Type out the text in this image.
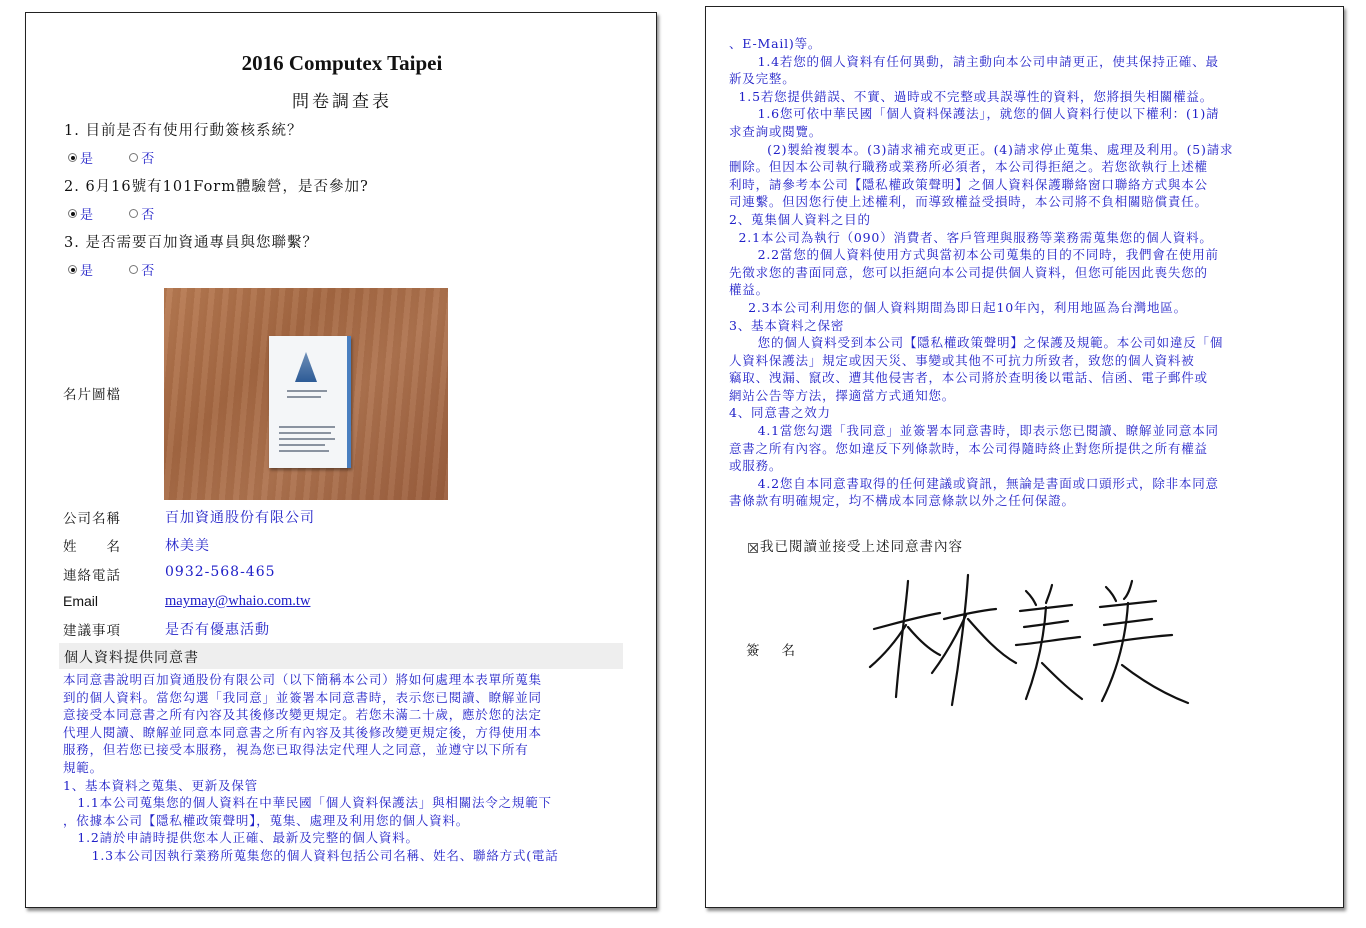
2016 Computex Taipei
問卷調查表
1. 目前是否有使用行動簽核系統？
是	否
2. 6月16號有101Form體驗營，是否參加?
是	否
3. 是否需要百加資通專員與您聯繫？
是	否
名片圖檔
公司名稱	百加資通股份有限公司
姓　　名	林美美
連絡電話	0932-568-465
Email	maymay@whaio.com.tw
建議事項	是否有優惠活動
個人資料提供同意書
本同意書說明百加資通股份有限公司（以下簡稱本公司）將如何處理本表單所蒐集
到的個人資料。當您勾選「我同意」並簽署本同意書時，表示您已閱讀、瞭解並同
意接受本同意書之所有內容及其後修改變更規定。若您未滿二十歲，應於您的法定
代理人閱讀、瞭解並同意本同意書之所有內容及其後修改變更規定後，方得使用本
服務，但若您已接受本服務，視為您已取得法定代理人之同意，並遵守以下所有
規範。
1、基本資料之蒐集、更新及保管
1.1本公司蒐集您的個人資料在中華民國「個人資料保護法」與相關法令之規範下
，依據本公司【隱私權政策聲明】，蒐集、處理及利用您的個人資料。
1.2請於申請時提供您本人正確、最新及完整的個人資料。
1.3本公司因執行業務所蒐集您的個人資料包括公司名稱、姓名、聯絡方式(電話
、E-Mail)等。
1.4若您的個人資料有任何異動，請主動向本公司申請更正，使其保持正確、最
新及完整。
1.5若您提供錯誤、不實、過時或不完整或具誤導性的資料，您將損失相關權益。
1.6您可依中華民國「個人資料保護法」，就您的個人資料行使以下權利：(1)請
求查詢或閱覽。
(2)製給複製本。(3)請求補充或更正。(4)請求停止蒐集、處理及利用。(5)請求
刪除。但因本公司執行職務或業務所必須者，本公司得拒絕之。若您欲執行上述權
利時，請參考本公司【隱私權政策聲明】之個人資料保護聯絡窗口聯絡方式與本公
司連繫。但因您行使上述權利，而導致權益受損時，本公司將不負相關賠償責任。
2、蒐集個人資料之目的
2.1本公司為執行（090）消費者、客戶管理與服務等業務需蒐集您的個人資料。
2.2當您的個人資料使用方式與當初本公司蒐集的目的不同時，我們會在使用前
先徵求您的書面同意，您可以拒絕向本公司提供個人資料，但您可能因此喪失您的
權益。
2.3本公司利用您的個人資料期間為即日起10年內，利用地區為台灣地區。
3、基本資料之保密
您的個人資料受到本公司【隱私權政策聲明】之保護及規範。本公司如違反「個
人資料保護法」規定或因天災、事變或其他不可抗力所致者，致您的個人資料被
竊取、洩漏、竄改、遭其他侵害者，本公司將於查明後以電話、信函、電子郵件或
網站公告等方法，擇適當方式通知您。
4、同意書之效力
4.1當您勾選「我同意」並簽署本同意書時，即表示您已閱讀、瞭解並同意本同
意書之所有內容。您如違反下列條款時，本公司得隨時終止對您所提供之所有權益
或服務。
4.2您自本同意書取得的任何建議或資訊，無論是書面或口頭形式，除非本同意
書條款有明確規定，均不構成本同意條款以外之任何保證。
我已閱讀並接受上述同意書內容
簽名
